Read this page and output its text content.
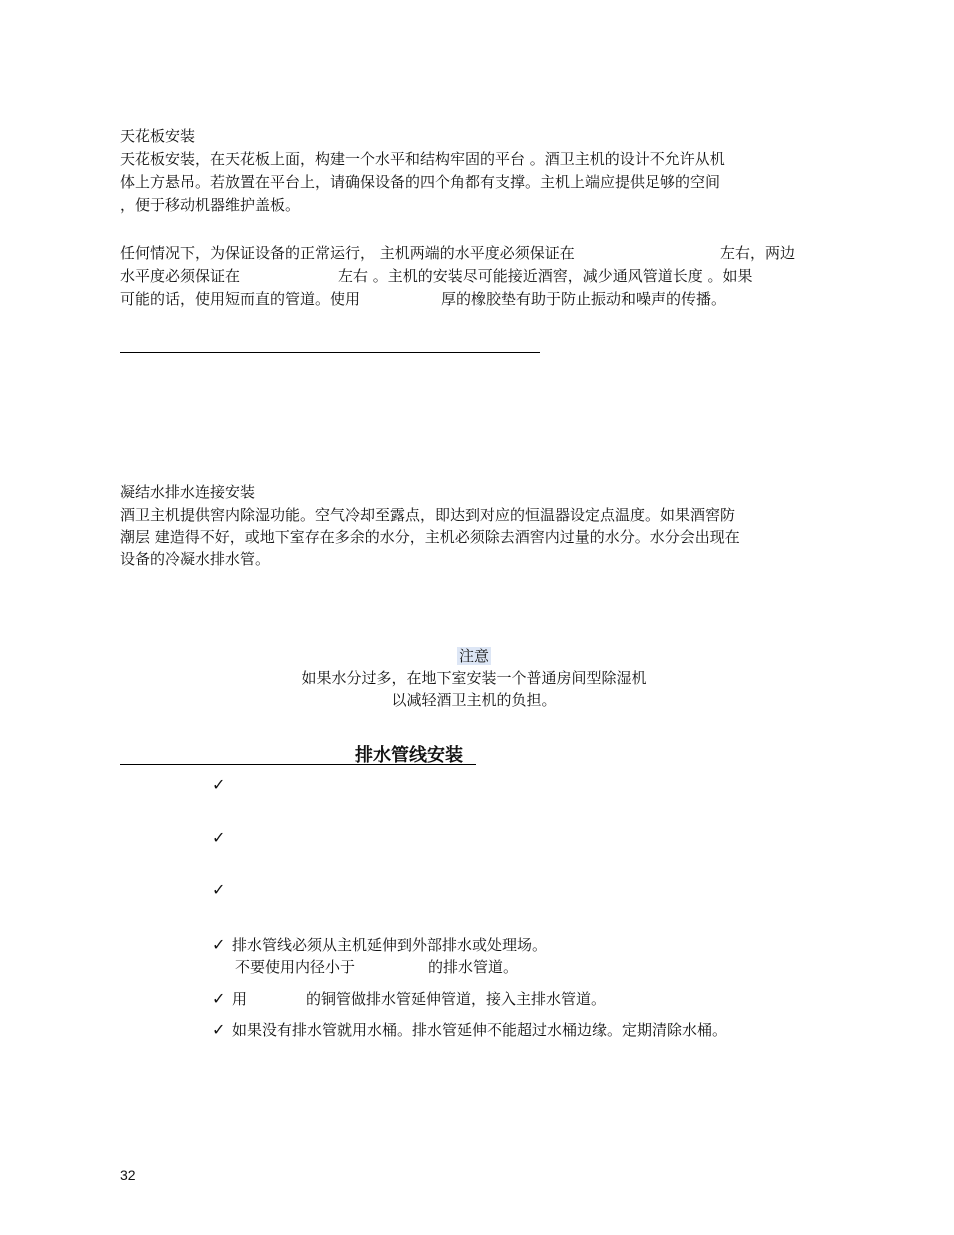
天花板安装
天花板安装，在天花板上面，构建一个水平和结构牢固的平台 。酒卫主机的设计不允许从机
体上方悬吊。若放置在平台上，请确保设备的四个角都有支撑。主机上端应提供足够的空间
，便于移动机器维护盖板。
任何情况下，为保证设备的正常运行， 主机两端的水平度必须保证在	左右，两边
水平度必须保证在	左右 。主机的安装尽可能接近酒窖，减少通风管道长度 。如果
可能的话，使用短而直的管道。使用	厚的橡胶垫有助于防止振动和噪声的传播。
凝结水排水连接安装
酒卫主机提供窖内除湿功能。空气冷却至露点，即达到对应的恒温器设定点温度。如果酒窖防
潮层 建造得不好，或地下室存在多余的水分，主机必须除去酒窖内过量的水分。水分会出现在
设备的冷凝水排水管。
注意
如果水分过多，在地下室安装一个普通房间型除湿机
以减轻酒卫主机的负担。
排水管线安装
✓
✓
✓
✓ 排水管线必须从主机延伸到外部排水或处理场。
不要使用内径小于	的排水管道。
✓ 用	的铜管做排水管延伸管道，接入主排水管道。
✓ 如果没有排水管就用水桶。排水管延伸不能超过水桶边缘。定期清除水桶。
32
